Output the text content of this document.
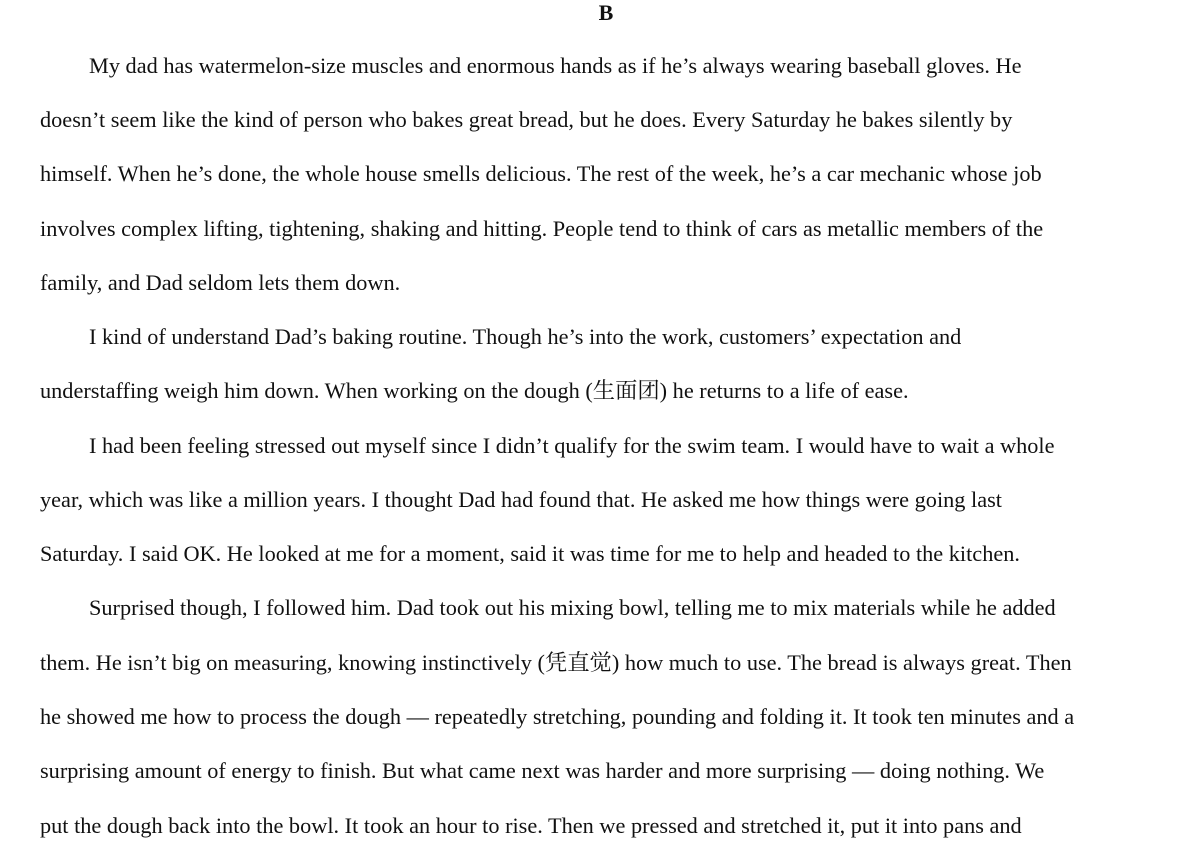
B
My dad has watermelon-size muscles and enormous hands as if he’s always wearing baseball gloves. He
doesn’t seem like the kind of person who bakes great bread, but he does. Every Saturday he bakes silently by
himself. When he’s done, the whole house smells delicious. The rest of the week, he’s a car mechanic whose job
involves complex lifting, tightening, shaking and hitting. People tend to think of cars as metallic members of the
family, and Dad seldom lets them down.
I kind of understand Dad’s baking routine. Though he’s into the work, customers’ expectation and
understaffing weigh him down. When working on the dough (生面团) he returns to a life of ease.
I had been feeling stressed out myself since I didn’t qualify for the swim team. I would have to wait a whole
year, which was like a million years. I thought Dad had found that. He asked me how things were going last
Saturday. I said OK. He looked at me for a moment, said it was time for me to help and headed to the kitchen.
Surprised though, I followed him. Dad took out his mixing bowl, telling me to mix materials while he added
them. He isn’t big on measuring, knowing instinctively (凭直觉) how much to use. The bread is always great. Then
he showed me how to process the dough — repeatedly stretching, pounding and folding it. It took ten minutes and a
surprising amount of energy to finish. But what came next was harder and more surprising — doing nothing. We
put the dough back into the bowl. It took an hour to rise. Then we pressed and stretched it, put it into pans and
